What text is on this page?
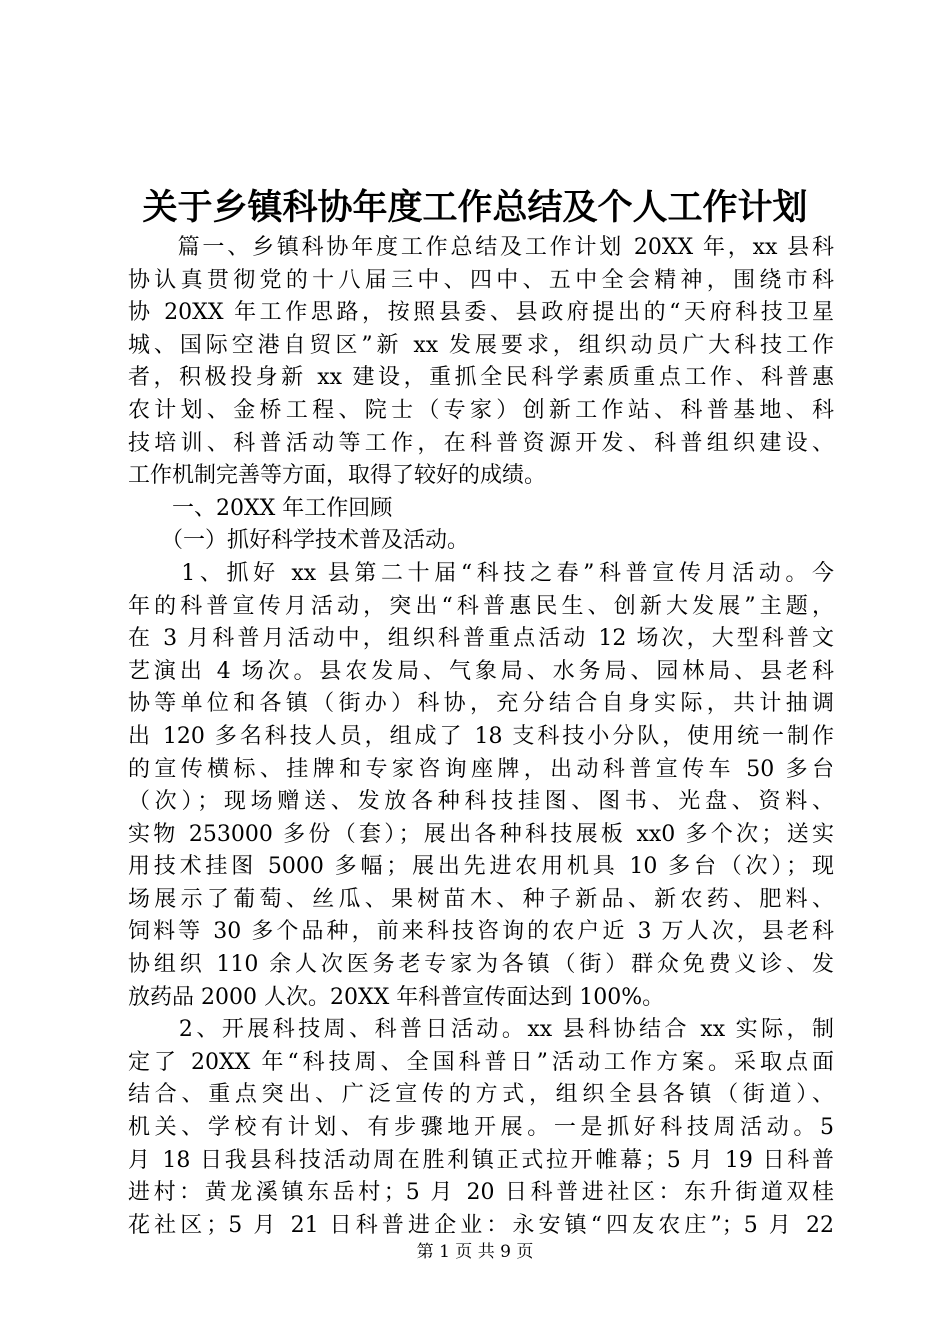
关于乡镇科协年度工作总结及个人工作计划
　　篇一、乡镇科协年度工作总结及工作计划 20XX 年，xx 县科
协认真贯彻党的十八届三中、四中、五中全会精神，围绕市科
协 20XX 年工作思路，按照县委、县政府提出的“天府科技卫星
城、国际空港自贸区”新 xx 发展要求，组织动员广大科技工作
者，积极投身新 xx 建设，重抓全民科学素质重点工作、科普惠
农计划、金桥工程、院士（专家）创新工作站、科普基地、科
技培训、科普活动等工作，在科普资源开发、科普组织建设、
工作机制完善等方面，取得了较好的成绩。
　　一、20XX 年工作回顾
　　（一）抓好科学技术普及活动。
　　1、抓好 xx 县第二十届“科技之春”科普宣传月活动。今
年的科普宣传月活动，突出“科普惠民生、创新大发展”主题，
在 3 月科普月活动中，组织科普重点活动 12 场次，大型科普文
艺演出 4 场次。县农发局、气象局、水务局、园林局、县老科
协等单位和各镇（街办）科协，充分结合自身实际，共计抽调
出 120 多名科技人员，组成了 18 支科技小分队，使用统一制作
的宣传横标、挂牌和专家咨询座牌，出动科普宣传车 50 多台
（次）；现场赠送、发放各种科技挂图、图书、光盘、资料、
实物 253000 多份（套）；展出各种科技展板 xx0 多个次；送实
用技术挂图 5000 多幅；展出先进农用机具 10 多台（次）；现
场展示了葡萄、丝瓜、果树苗木、种子新品、新农药、肥料、
饲料等 30 多个品种，前来科技咨询的农户近 3 万人次，县老科
协组织 110 余人次医务老专家为各镇（街）群众免费义诊、发
放药品 2000 人次。20XX 年科普宣传面达到 100%。
　　2、开展科技周、科普日活动。xx 县科协结合 xx 实际，制
定了 20XX 年“科技周、全国科普日”活动工作方案。采取点面
结合、重点突出、广泛宣传的方式，组织全县各镇（街道）、
机关、学校有计划、有步骤地开展。一是抓好科技周活动。5
月 18 日我县科技活动周在胜利镇正式拉开帷幕；5 月 19 日科普
进村：黄龙溪镇东岳村；5 月 20 日科普进社区：东升街道双桂
花社区；5 月 21 日科普进企业：永安镇“四友农庄”；5 月 22
第 1 页 共 9 页
